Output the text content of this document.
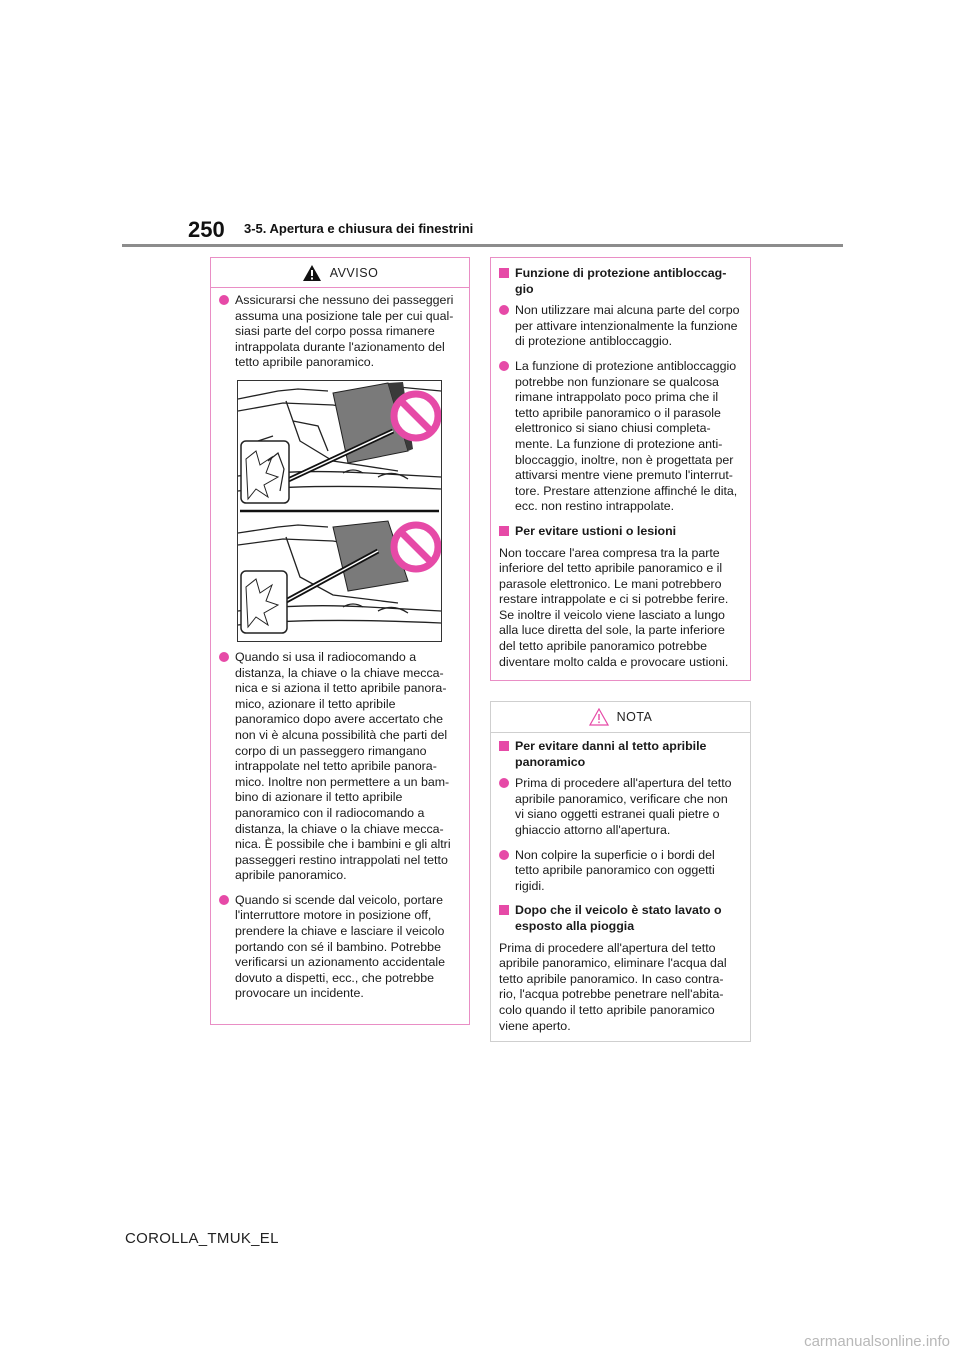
250 3-5. Apertura e chiusura dei finestrini
AVVISO

Assicurarsi che nessuno dei passeggeri assuma una posizione tale per cui qual-siasi parte del corpo possa rimanere intrappolata durante l'azionamento del tetto apribile panoramico.

Quando si usa il radiocomando a distanza, la chiave o la chiave mecca-nica e si aziona il tetto apribile panora-mico, azionare il tetto apribile panoramico dopo avere accertato che non vi è alcuna possibilità che parti del corpo di un passeggero rimangano intrappolate nel tetto apribile panora-mico. Inoltre non permettere a un bam-bino di azionare il tetto apribile panoramico con il radiocomando a distanza, la chiave o la chiave mecca-nica. È possibile che i bambini e gli altri passeggeri restino intrappolati nel tetto apribile panoramico.

Quando si scende dal veicolo, portare l'interruttore motore in posizione off, prendere la chiave e lasciare il veicolo portando con sé il bambino. Potrebbe verificarsi un azionamento accidentale dovuto a dispetti, ecc., che potrebbe provocare un incidente.

Funzione di protezione antibloccag-gio

Non utilizzare mai alcuna parte del corpo per attivare intenzionalmente la funzione di protezione antibloccaggio.

La funzione di protezione antibloccaggio potrebbe non funzionare se qualcosa rimane intrappolato poco prima che il tetto apribile panoramico o il parasole elettronico si siano chiusi completa-mente. La funzione di protezione anti-bloccaggio, inoltre, non è progettata per attivarsi mentre viene premuto l'interrut-tore. Prestare attenzione affinché le dita, ecc. non restino intrappolate.

Per evitare ustioni o lesioni

Non toccare l'area compresa tra la parte inferiore del tetto apribile panoramico e il parasole elettronico. Le mani potrebbero restare intrappolate e ci si potrebbe ferire. Se inoltre il veicolo viene lasciato a lungo alla luce diretta del sole, la parte inferiore del tetto apribile panoramico potrebbe diventare molto calda e provocare ustioni.

NOTA

Per evitare danni al tetto apribile panoramico

Prima di procedere all'apertura del tetto apribile panoramico, verificare che non vi siano oggetti estranei quali pietre o ghiaccio attorno all'apertura.

Non colpire la superficie o i bordi del tetto apribile panoramico con oggetti rigidi.

Dopo che il veicolo è stato lavato o esposto alla pioggia

Prima di procedere all'apertura del tetto apribile panoramico, eliminare l'acqua dal tetto apribile panoramico. In caso contra-rio, l'acqua potrebbe penetrare nell'abita-colo quando il tetto apribile panoramico viene aperto.

COROLLA_TMUK_EL
carmanualsonline.info
